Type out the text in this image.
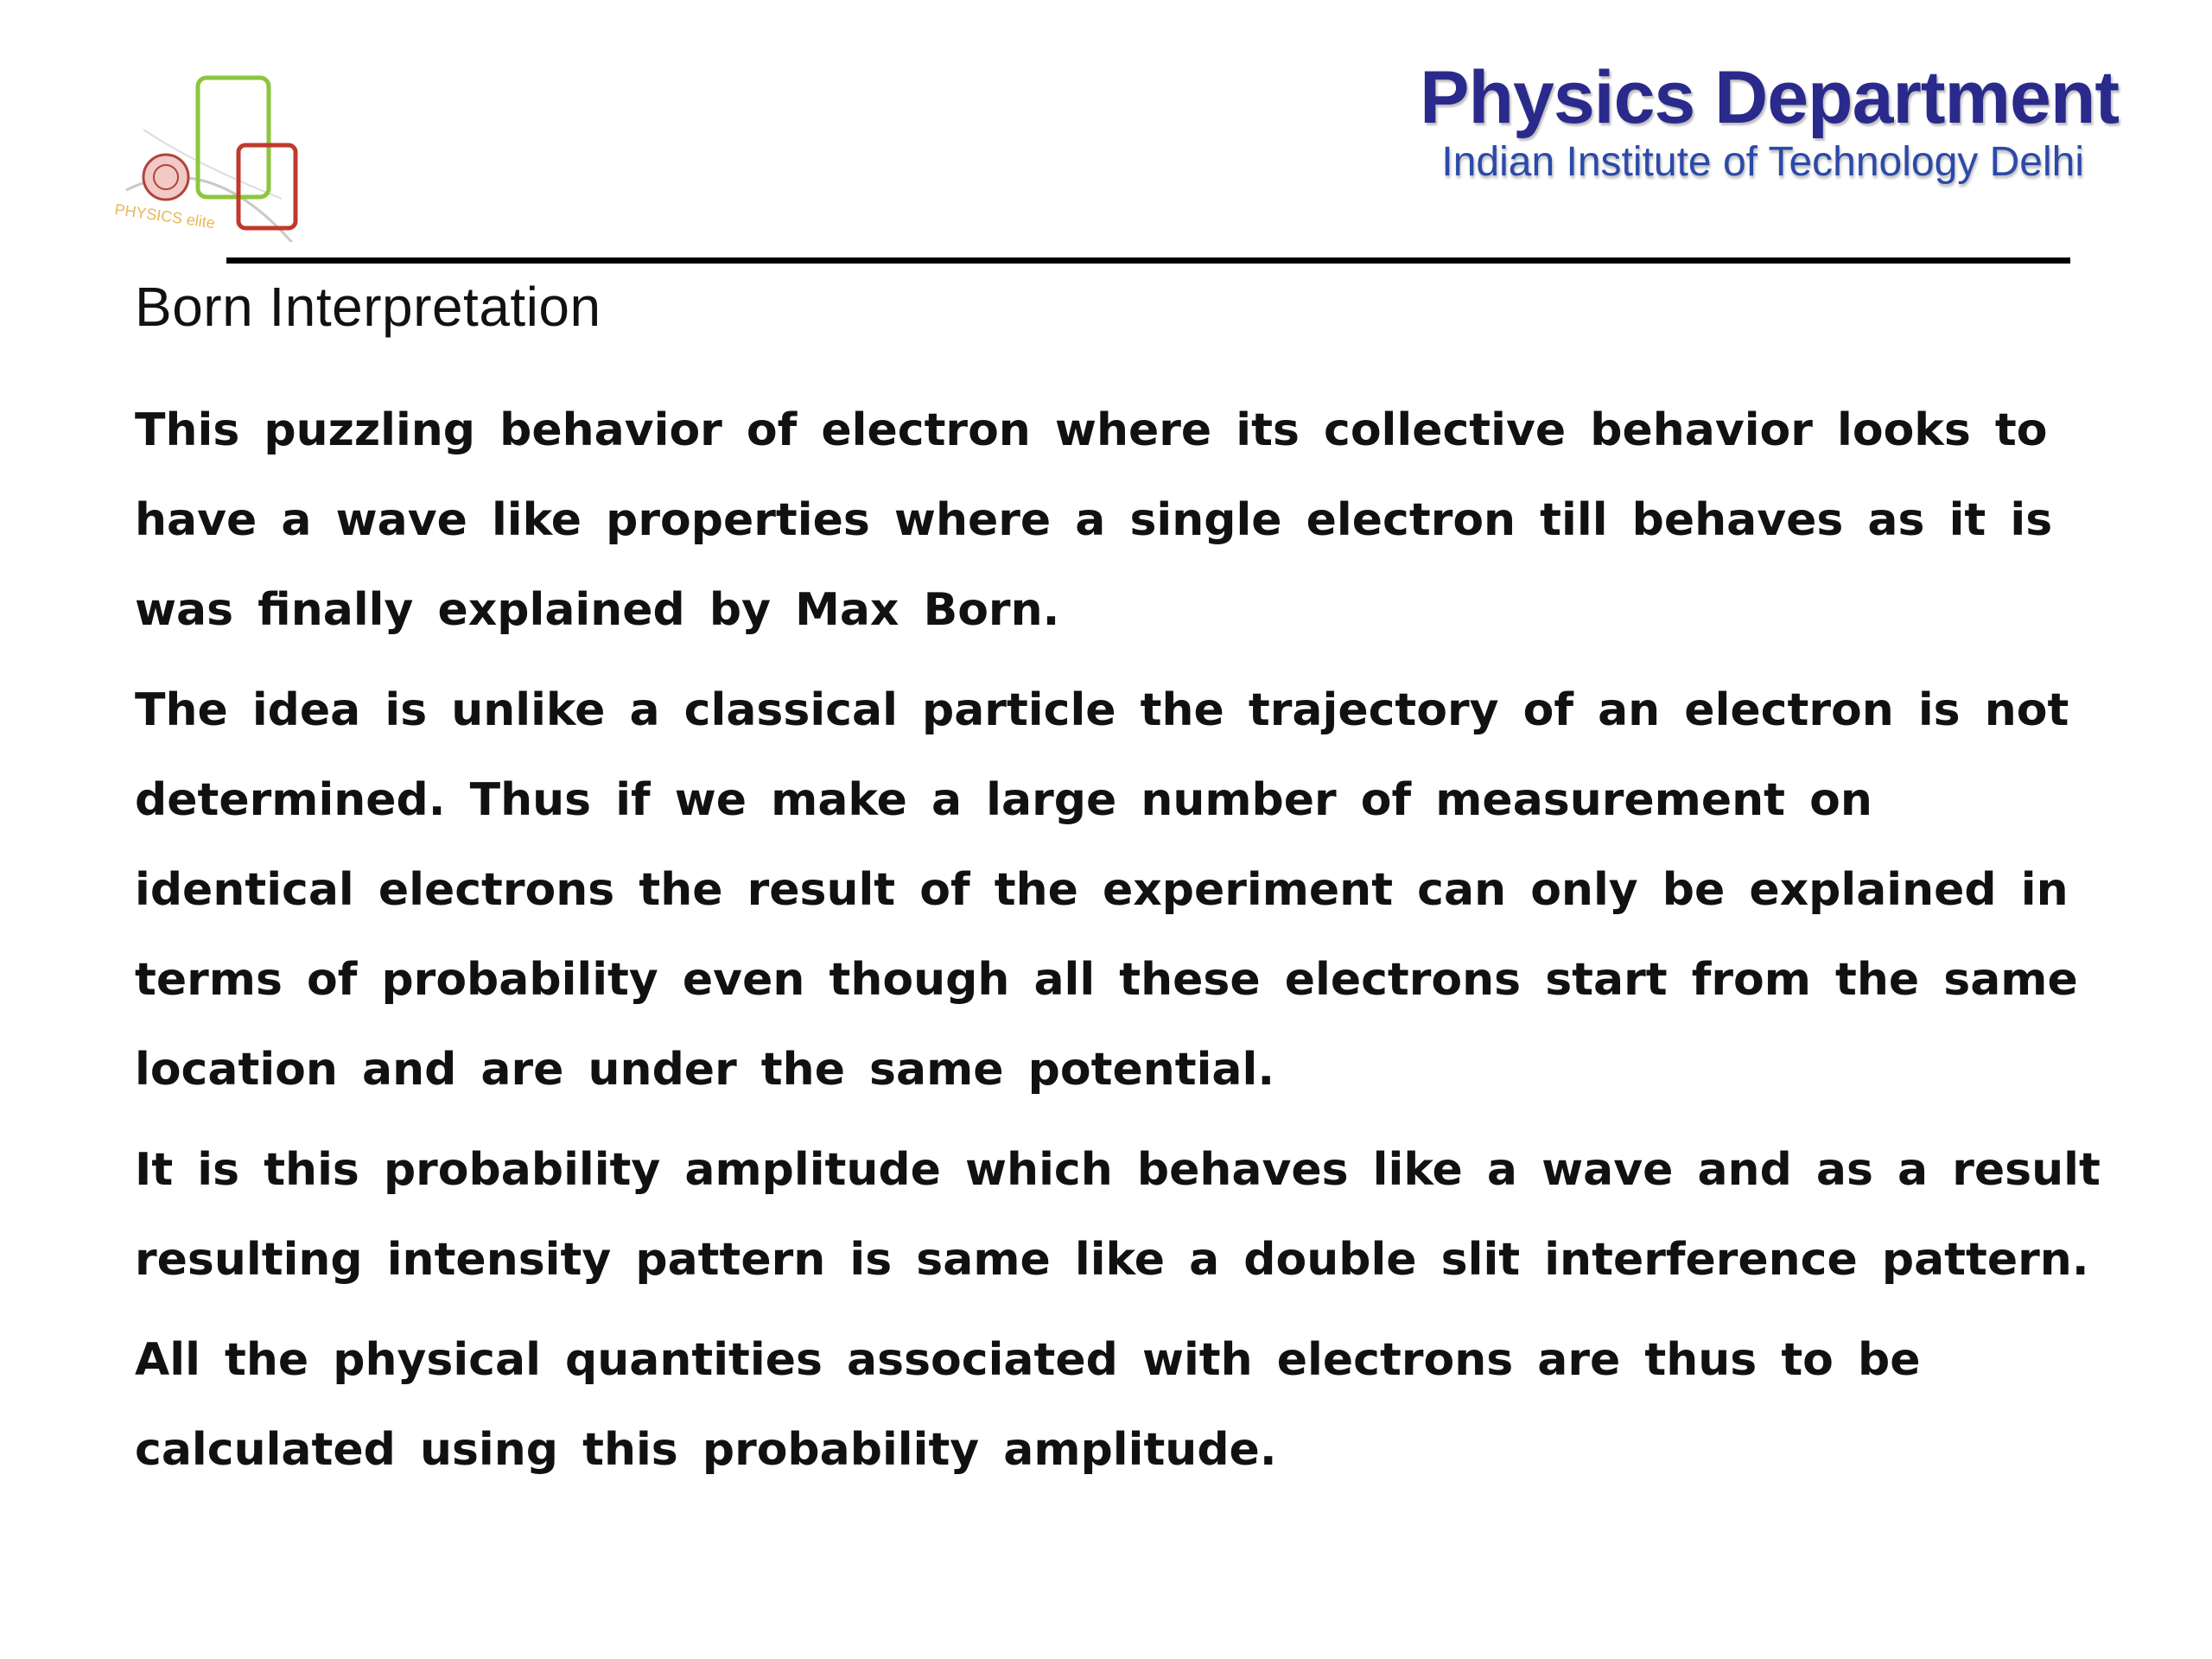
PHYSICS elite
Physics Department
Indian Institute of Technology Delhi
Born Interpretation

This puzzling behavior of electron where its collective behavior looks to have a wave like properties where a single electron till behaves as it is was finally explained by Max Born.

The idea is unlike a classical particle the trajectory of an electron is not determined. Thus if we make a large number of measurement on identical electrons the result of the experiment can only be explained in terms of probability even though all these electrons start from the same location and are under the same potential.

It is this probability amplitude which behaves like a wave and as a result resulting intensity pattern is same like a double slit interference pattern.

All the physical quantities associated with electrons are thus to be calculated using this probability amplitude.
